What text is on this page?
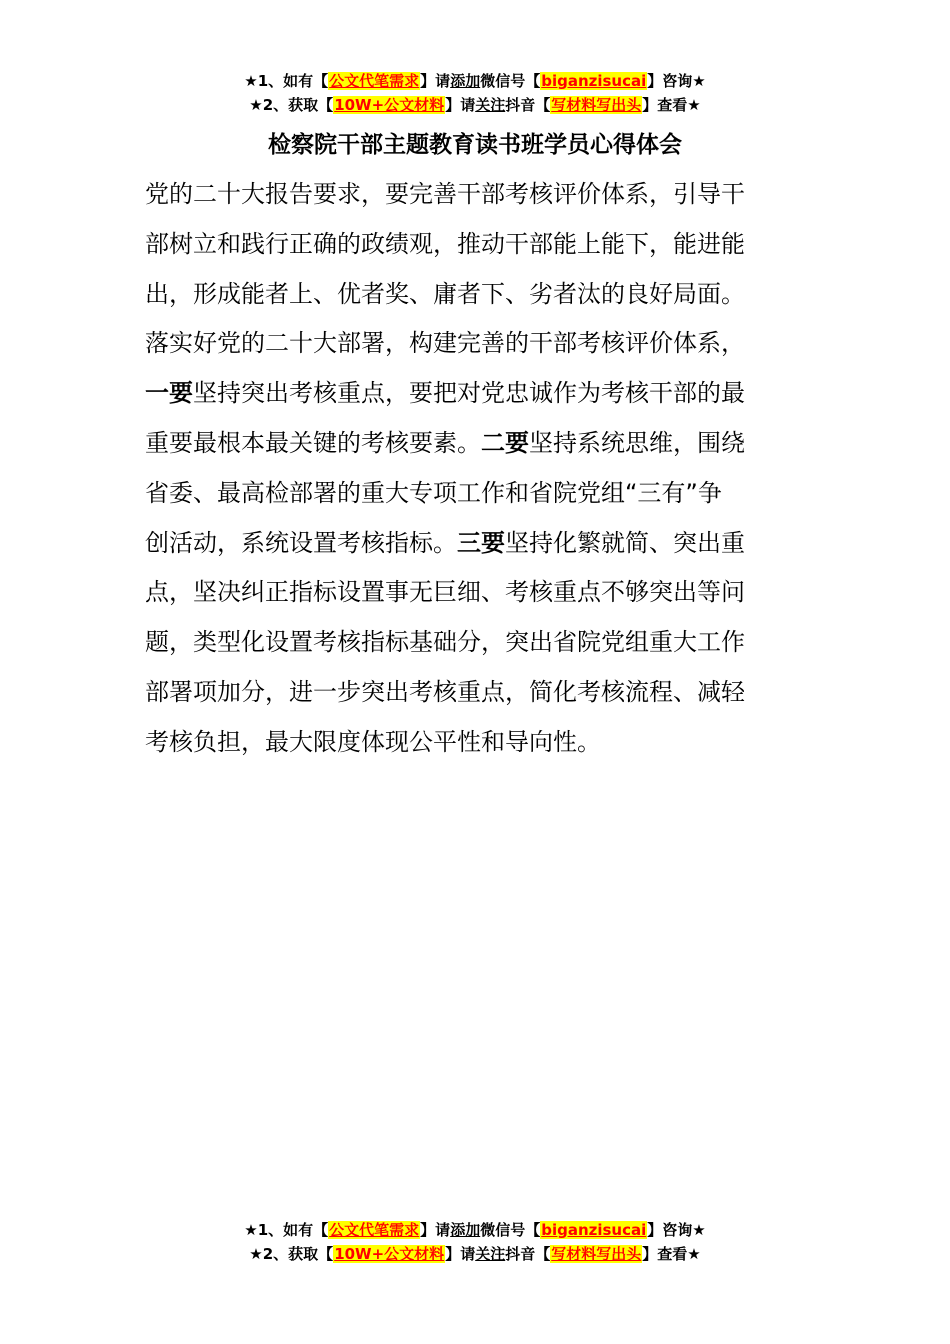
★1、如有【公文代笔需求】请添加微信号【biganzisucai】咨询★
★2、获取【10W+公文材料】请关注抖音【写材料写出头】查看★
检察院干部主题教育读书班学员心得体会
党的二十大报告要求，要完善干部考核评价体系，引导干
部树立和践行正确的政绩观，推动干部能上能下，能进能
出，形成能者上、优者奖、庸者下、劣者汰的良好局面。
落实好党的二十大部署，构建完善的干部考核评价体系，
一要坚持突出考核重点，要把对党忠诚作为考核干部的最
重要最根本最关键的考核要素。二要坚持系统思维，围绕
省委、最高检部署的重大专项工作和省院党组“三有”争
创活动，系统设置考核指标。三要坚持化繁就简、突出重
点，坚决纠正指标设置事无巨细、考核重点不够突出等问
题，类型化设置考核指标基础分，突出省院党组重大工作
部署项加分，进一步突出考核重点，简化考核流程、减轻
考核负担，最大限度体现公平性和导向性。
★1、如有【公文代笔需求】请添加微信号【biganzisucai】咨询★
★2、获取【10W+公文材料】请关注抖音【写材料写出头】查看★
